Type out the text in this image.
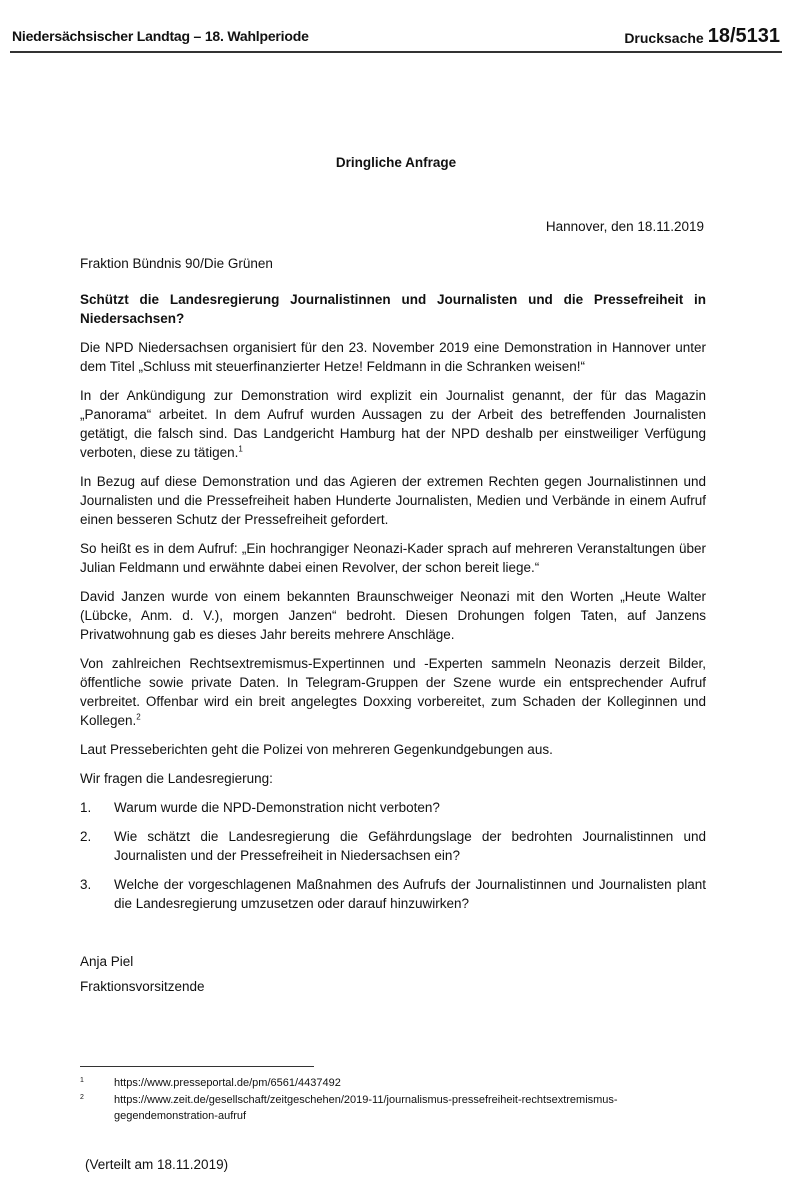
Niedersächsischer Landtag – 18. Wahlperiode	Drucksache 18/5131
Dringliche Anfrage
Hannover, den 18.11.2019

Fraktion Bündnis 90/Die Grünen

Schützt die Landesregierung Journalistinnen und Journalisten und die Pressefreiheit in Niedersachsen?

Die NPD Niedersachsen organisiert für den 23. November 2019 eine Demonstration in Hannover unter dem Titel „Schluss mit steuerfinanzierter Hetze! Feldmann in die Schranken weisen!“

In der Ankündigung zur Demonstration wird explizit ein Journalist genannt, der für das Magazin „Panorama“ arbeitet. In dem Aufruf wurden Aussagen zu der Arbeit des betreffenden Journalisten getätigt, die falsch sind. Das Landgericht Hamburg hat der NPD deshalb per einstweiliger Verfügung verboten, diese zu tätigen.$^1$

In Bezug auf diese Demonstration und das Agieren der extremen Rechten gegen Journalistinnen und Journalisten und die Pressefreiheit haben Hunderte Journalisten, Medien und Verbände in einem Aufruf einen besseren Schutz der Pressefreiheit gefordert.

So heißt es in dem Aufruf: „Ein hochrangiger Neonazi-Kader sprach auf mehreren Veranstaltungen über Julian Feldmann und erwähnte dabei einen Revolver, der schon bereit liege.“

David Janzen wurde von einem bekannten Braunschweiger Neonazi mit den Worten „Heute Walter (Lübcke, Anm. d. V.), morgen Janzen“ bedroht. Diesen Drohungen folgen Taten, auf Janzens Privatwohnung gab es dieses Jahr bereits mehrere Anschläge.

Von zahlreichen Rechtsextremismus-Expertinnen und -Experten sammeln Neonazis derzeit Bilder, öffentliche sowie private Daten. In Telegram-Gruppen der Szene wurde ein entsprechender Aufruf verbreitet. Offenbar wird ein breit angelegtes Doxxing vorbereitet, zum Schaden der Kolleginnen und Kollegen.$^2$

Laut Presseberichten geht die Polizei von mehreren Gegenkundgebungen aus.

Wir fragen die Landesregierung:

1.	Warum wurde die NPD-Demonstration nicht verboten?
2.	Wie schätzt die Landesregierung die Gefährdungslage der bedrohten Journalistinnen und Journalisten und der Pressefreiheit in Niedersachsen ein?
3.	Welche der vorgeschlagenen Maßnahmen des Aufrufs der Journalistinnen und Journalisten plant die Landesregierung umzusetzen oder darauf hinzuwirken?
Anja Piel
Fraktionsvorsitzende
1	https://www.presseportal.de/pm/6561/4437492
2	https://www.zeit.de/gesellschaft/zeitgeschehen/2019-11/journalismus-pressefreiheit-rechtsextremismus-gegendemonstration-aufruf
(Verteilt am 18.11.2019)
